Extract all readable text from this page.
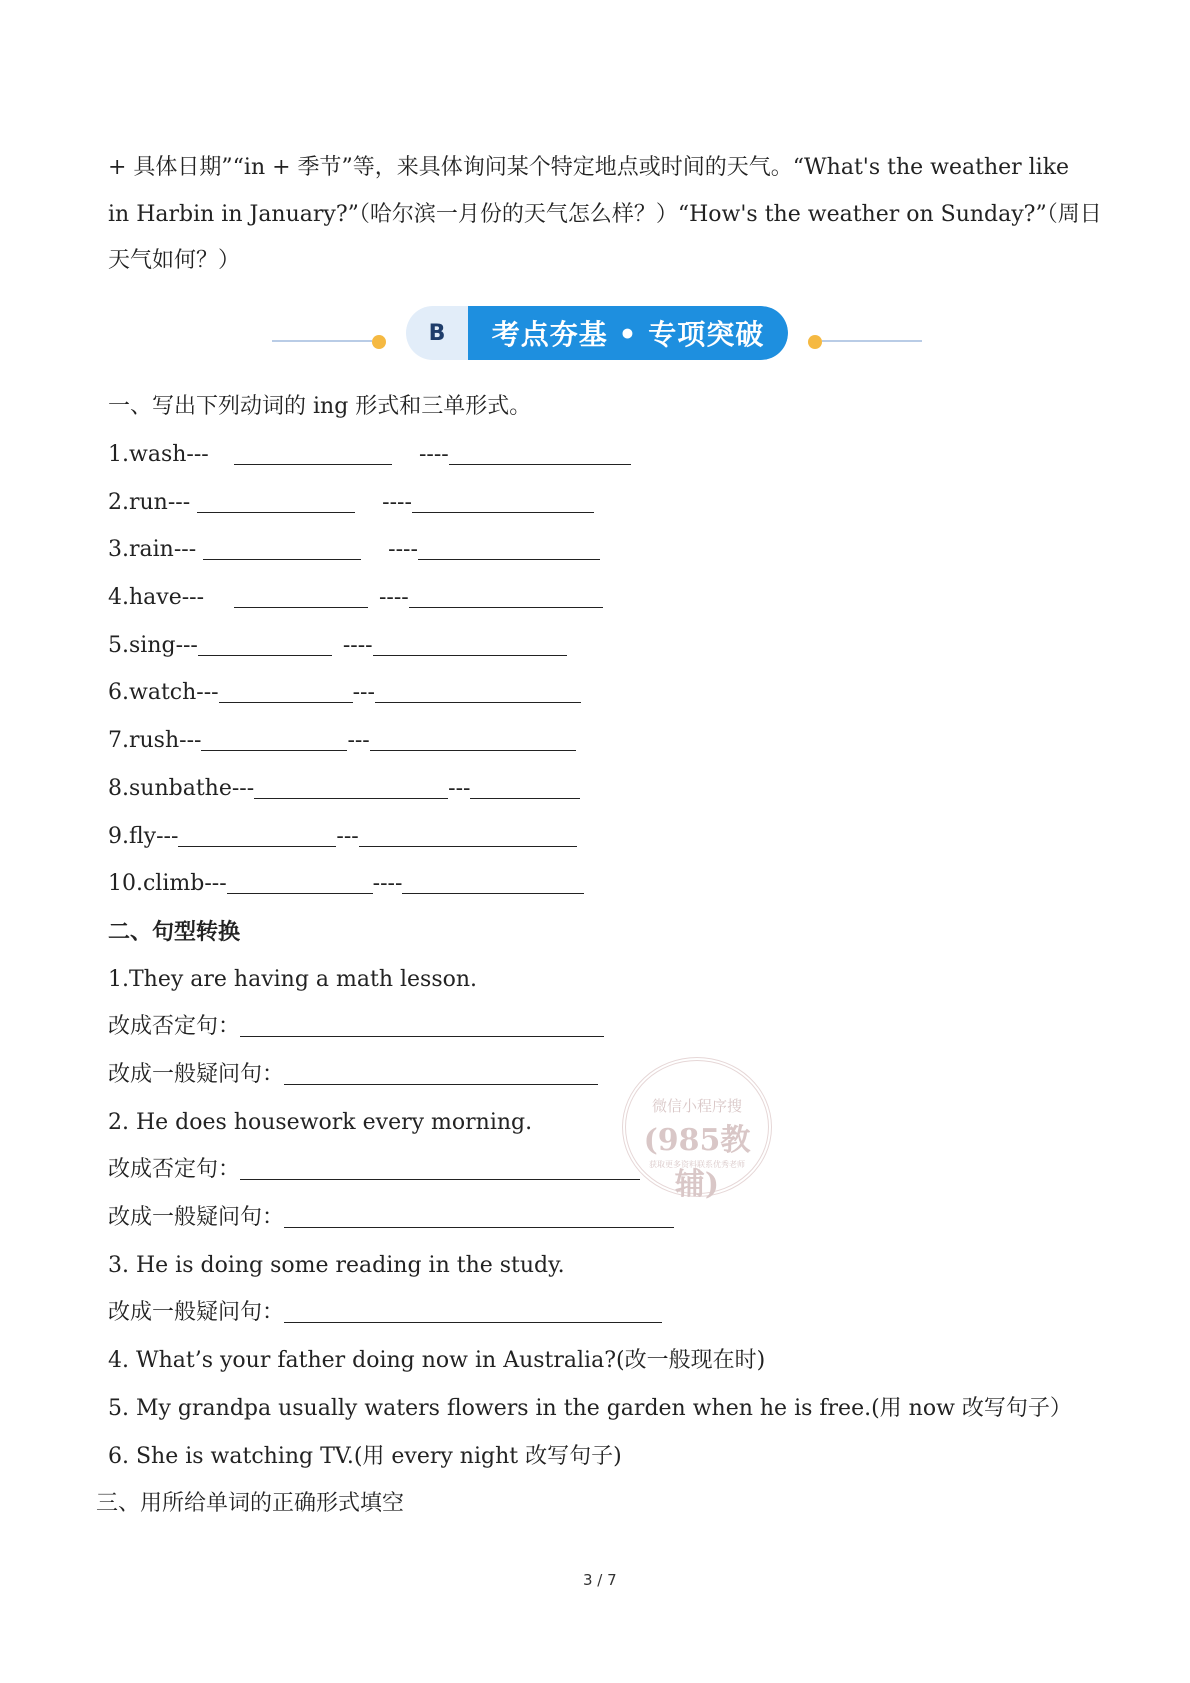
+ 具体日期”“in + 季节”等，来具体询问某个特定地点或时间的天气。“What's the weather like
in Harbin in January?”（哈尔滨一月份的天气怎么样？）“How's the weather on Sunday?”（周日
天气如何？）
B	考点夯基 • 专项突破
一、写出下列动词的 ing 形式和三单形式。
1.wash---	----
2.run---	----
3.rain---	----
4.have---	----
5.sing---	----
6.watch---	---
7.rush---	---
8.sunbathe---	---
9.fly---	---
10.climb---	----
二、句型转换
1.They are having a math lesson.
改成否定句：
改成一般疑问句：
2. He does housework every morning.
改成否定句：
改成一般疑问句：
3. He is doing some reading in the study.
改成一般疑问句：
4. What’s your father doing now in Australia?(改一般现在时)
5. My grandpa usually waters flowers in the garden when he is free.(用 now 改写句子）
6. She is watching TV.(用 every night 改写句子)
三、用所给单词的正确形式填空
微信小程序搜
(985教辅)
获取更多资料联系优秀老师
3 / 7
